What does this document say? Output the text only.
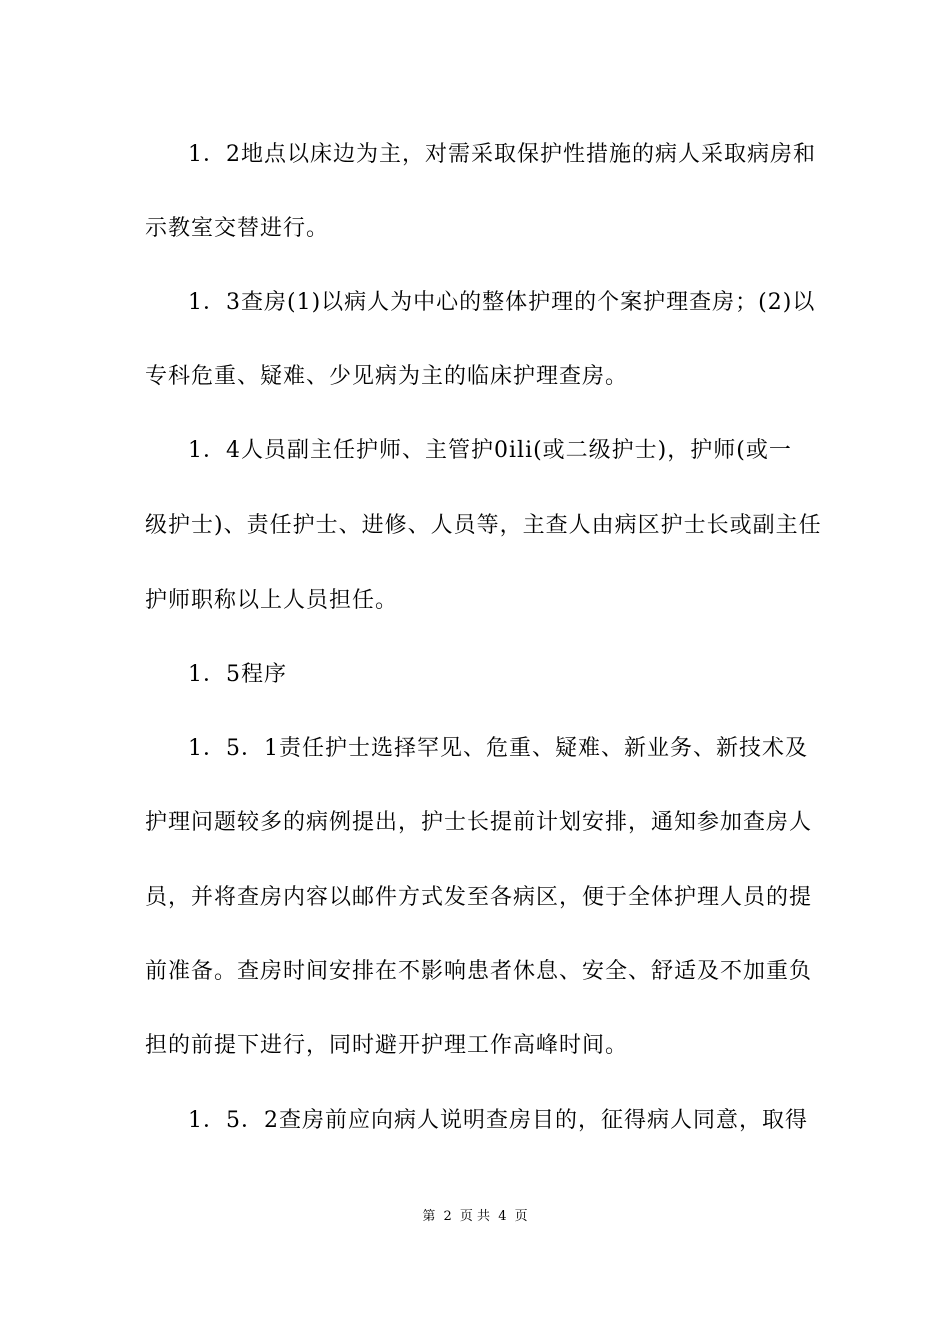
1．2地点以床边为主，对需采取保护性措施的病人采取病房和
示教室交替进行。
1．3查房(1)以病人为中心的整体护理的个案护理查房；(2)以
专科危重、疑难、少见病为主的临床护理查房。
1．4人员副主任护师、主管护0ili(或二级护士)，护师(或一
级护士)、责任护士、进修、人员等，主查人由病区护士长或副主任
护师职称以上人员担任。
1．5程序
1．5．1责任护士选择罕见、危重、疑难、新业务、新技术及
护理问题较多的病例提出，护士长提前计划安排，通知参加查房人
员，并将查房内容以邮件方式发至各病区，便于全体护理人员的提
前准备。查房时间安排在不影响患者休息、安全、舒适及不加重负
担的前提下进行，同时避开护理工作高峰时间。
1．5．2查房前应向病人说明查房目的，征得病人同意，取得
第 2 页 共 4 页
